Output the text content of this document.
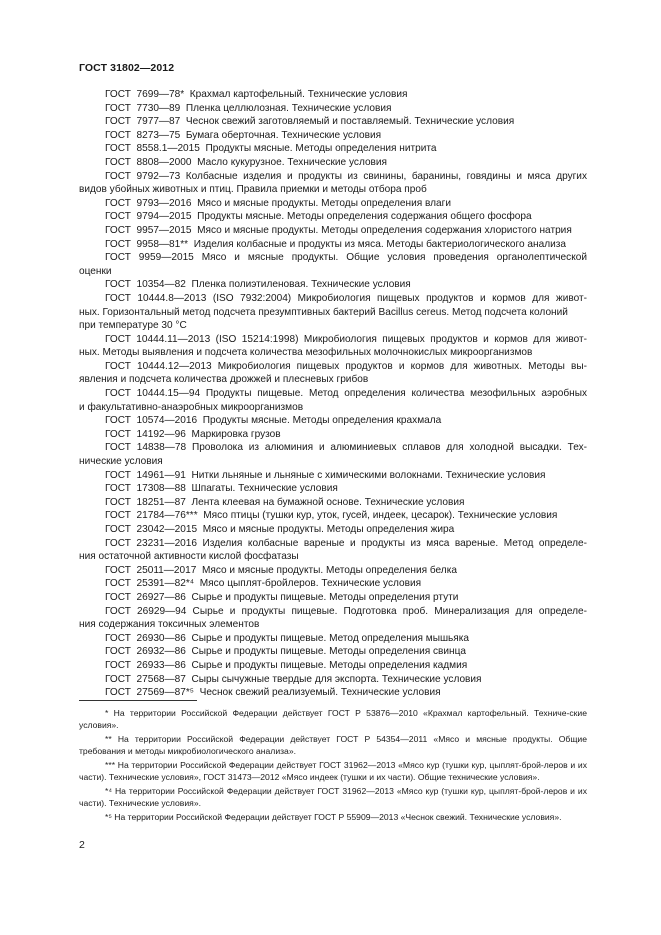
ГОСТ 31802—2012
ГОСТ  7699—78*  Крахмал картофельный. Технические условия
ГОСТ  7730—89  Пленка целлюлозная. Технические условия
ГОСТ  7977—87  Чеснок свежий заготовляемый и поставляемый. Технические условия
ГОСТ  8273—75  Бумага оберточная. Технические условия
ГОСТ  8558.1—2015  Продукты мясные. Методы определения нитрита
ГОСТ  8808—2000  Масло кукурузное. Технические условия
ГОСТ 9792—73 Колбасные изделия и продукты из свинины, баранины, говядины и мяса других
видов убойных животных и птиц. Правила приемки и методы отбора проб
ГОСТ  9793—2016  Мясо и мясные продукты. Методы определения влаги
ГОСТ  9794—2015  Продукты мясные. Методы определения содержания общего фосфора
ГОСТ  9957—2015  Мясо и мясные продукты. Методы определения содержания хлористого натрия
ГОСТ  9958—81**  Изделия колбасные и продукты из мяса. Методы бактериологического анализа
ГОСТ 9959—2015 Мясо и мясные продукты. Общие условия проведения органолептической
оценки
ГОСТ  10354—82  Пленка полиэтиленовая. Технические условия
ГОСТ 10444.8—2013 (ISO 7932:2004) Микробиология пищевых продуктов и кормов для живот-
ных. Горизонтальный метод подсчета презумптивных бактерий Bacillus cereus. Метод подсчета колоний
при температуре 30 °С
ГОСТ 10444.11—2013 (ISO 15214:1998) Микробиология пищевых продуктов и кормов для живот-
ных. Методы выявления и подсчета количества мезофильных молочнокислых микроорганизмов
ГОСТ 10444.12—2013 Микробиология пищевых продуктов и кормов для животных. Методы вы-
явления и подсчета количества дрожжей и плесневых грибов
ГОСТ 10444.15—94 Продукты пищевые. Метод определения количества мезофильных аэробных
и факультативно-анаэробных микроорганизмов
ГОСТ  10574—2016  Продукты мясные. Методы определения крахмала
ГОСТ  14192—96  Маркировка грузов
ГОСТ 14838—78 Проволока из алюминия и алюминиевых сплавов для холодной высадки. Тех-
нические условия
ГОСТ  14961—91  Нитки льняные и льняные с химическими волокнами. Технические условия
ГОСТ  17308—88  Шпагаты. Технические условия
ГОСТ  18251—87  Лента клеевая на бумажной основе. Технические условия
ГОСТ  21784—76***  Мясо птицы (тушки кур, уток, гусей, индеек, цесарок). Технические условия
ГОСТ  23042—2015  Мясо и мясные продукты. Методы определения жира
ГОСТ 23231—2016 Изделия колбасные вареные и продукты из мяса вареные. Метод определе-
ния остаточной активности кислой фосфатазы
ГОСТ  25011—2017  Мясо и мясные продукты. Методы определения белка
ГОСТ  25391—82*⁴  Мясо цыплят-бройлеров. Технические условия
ГОСТ  26927—86  Сырье и продукты пищевые. Методы определения ртути
ГОСТ 26929—94 Сырье и продукты пищевые. Подготовка проб. Минерализация для определе-
ния содержания токсичных элементов
ГОСТ  26930—86  Сырье и продукты пищевые. Метод определения мышьяка
ГОСТ  26932—86  Сырье и продукты пищевые. Методы определения свинца
ГОСТ  26933—86  Сырье и продукты пищевые. Методы определения кадмия
ГОСТ  27568—87  Сыры сычужные твердые для экспорта. Технические условия
ГОСТ  27569—87*⁵  Чеснок свежий реализуемый. Технические условия

* На территории Российской Федерации действует ГОСТ Р 53876—2010 «Крахмал картофельный. Техниче-ские условия».

** На территории Российской Федерации действует ГОСТ Р 54354—2011 «Мясо и мясные продукты. Общие требования и методы микробиологического анализа».

*** На территории Российской Федерации действует ГОСТ 31962—2013 «Мясо кур (тушки кур, цыплят-брой-леров и их части). Технические условия», ГОСТ 31473—2012 «Мясо индеек (тушки и их части). Общие технические условия».

*⁴ На территории Российской Федерации действует ГОСТ 31962—2013 «Мясо кур (тушки кур, цыплят-брой-леров и их части). Технические условия».

*⁵ На территории Российской Федерации действует ГОСТ Р 55909—2013 «Чеснок свежий. Технические условия».

2
